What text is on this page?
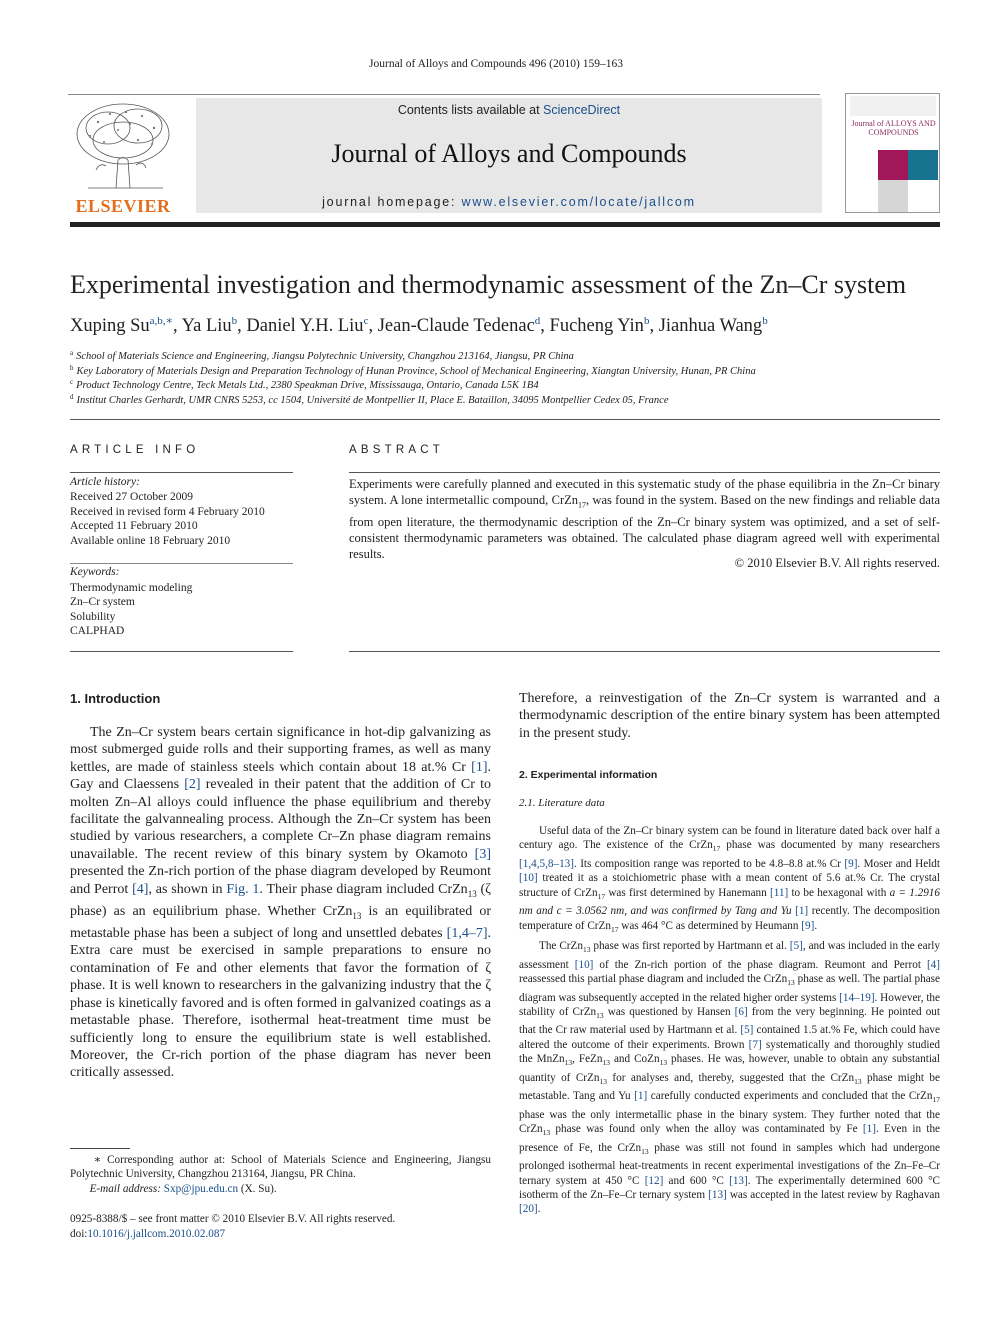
Journal of Alloys and Compounds 496 (2010) 159–163
ELSEVIER
Contents lists available at ScienceDirect
Journal of Alloys and Compounds
journal homepage: www.elsevier.com/locate/jallcom
Journal of ALLOYS AND COMPOUNDS
Experimental investigation and thermodynamic assessment of the Zn–Cr system
Xuping $Su^{a,b,∗}$, Ya Liu$^b$, Daniel Y.H. Liu$^c$, Jean-Claude Tedenac$^d$, Fucheng Yin$^b$, Jianhua Wang$^b$
$^a$ School of Materials Science and Engineering, Jiangsu Polytechnic University, Changzhou 213164, Jiangsu, PR China
$^b$ Key Laboratory of Materials Design and Preparation Technology of Hunan Province, School of Mechanical Engineering, Xiangtan University, Hunan, PR China
$^c$ Product Technology Centre, Teck Metals Ltd., 2380 Speakman Drive, Mississauga, Ontario, Canada L5K 1B4
$^d$ Institut Charles Gerhardt, UMR CNRS 5253, cc 1504, Université de Montpellier II, Place E. Bataillon, 34095 Montpellier Cedex 05, France
ARTICLE INFO
Article history:
Received 27 October 2009
Received in revised form 4 February 2010
Accepted 11 February 2010
Available online 18 February 2010
Keywords:
Thermodynamic modeling
Zn–Cr system
Solubility
CALPHAD
ABSTRACT
Experiments were carefully planned and executed in this systematic study of the phase equilibria in the Zn–Cr binary system. A lone intermetallic compound, CrZn$_{17}$, was found in the system. Based on the new findings and reliable data from open literature, the thermodynamic description of the Zn–Cr binary system was optimized, and a set of self-consistent thermodynamic parameters was obtained. The calculated phase diagram agreed well with experimental results.
© 2010 Elsevier B.V. All rights reserved.
1. Introduction
The Zn–Cr system bears certain significance in hot-dip galvanizing as most submerged guide rolls and their supporting frames, as well as many kettles, are made of stainless steels which contain about 18 at.% Cr [1]. Gay and Claessens [2] revealed in their patent that the addition of Cr to molten Zn–Al alloys could influence the phase equilibrium and thereby facilitate the galvannealing process. Although the Zn–Cr system has been studied by various researchers, a complete Cr–Zn phase diagram remains unavailable. The recent review of this binary system by Okamoto [3] presented the Zn-rich portion of the phase diagram developed by Reumont and Perrot [4], as shown in Fig. 1. Their phase diagram included CrZn$_{13}$ (ζ phase) as an equilibrium phase. Whether CrZn$_{13}$ is an equilibrated or metastable phase has been a subject of long and unsettled debates [1,4–7]. Extra care must be exercised in sample preparations to ensure no contamination of Fe and other elements that favor the formation of ζ phase. It is well known to researchers in the galvanizing industry that the ζ phase is kinetically favored and is often formed in galvanized coatings as a metastable phase. Therefore, isothermal heat-treatment time must be sufficiently long to ensure the equilibrium state is well established. Moreover, the Cr-rich portion of the phase diagram has never been critically assessed.
Therefore, a reinvestigation of the Zn–Cr system is warranted and a thermodynamic description of the entire binary system has been attempted in the present study.
2. Experimental information
2.1. Literature data
Useful data of the Zn–Cr binary system can be found in literature dated back over half a century ago. The existence of the CrZn$_{17}$ phase was documented by many researchers [1,4,5,8–13]. Its composition range was reported to be 4.8–8.8 at.% Cr [9]. Moser and Heldt [10] treated it as a stoichiometric phase with a mean content of 5.6 at.% Cr. The crystal structure of CrZn$_{17}$ was first determined by Hanemann [11] to be hexagonal with a = 1.2916 nm and c = 3.0562 nm, and was confirmed by Tang and Yu [1] recently. The decomposition temperature of CrZn$_{17}$ was 464 °C as determined by Heumann [9].
The CrZn$_{13}$ phase was first reported by Hartmann et al. [5], and was included in the early assessment [10] of the Zn-rich portion of the phase diagram. Reumont and Perrot [4] reassessed this partial phase diagram and included the CrZn$_{13}$ phase as well. The partial phase diagram was subsequently accepted in the related higher order systems [14–19]. However, the stability of CrZn$_{13}$ was questioned by Hansen [6] from the very beginning. He pointed out that the Cr raw material used by Hartmann et al. [5] contained 1.5 at.% Fe, which could have altered the outcome of their experiments. Brown [7] systematically and thoroughly studied the MnZn$_{13}$, FeZn$_{13}$ and CoZn$_{13}$ phases. He was, however, unable to obtain any substantial quantity of CrZn$_{13}$ for analyses and, thereby, suggested that the CrZn$_{13}$ phase might be metastable. Tang and Yu [1] carefully conducted experiments and concluded that the CrZn$_{17}$ phase was the only intermetallic phase in the binary system. They further noted that the CrZn$_{13}$ phase was found only when the alloy was contaminated by Fe [1]. Even in the presence of Fe, the CrZn$_{13}$ phase was still not found in samples which had undergone prolonged isothermal heat-treatments in recent experimental investigations of the Zn–Fe–Cr ternary system at 450 °C [12] and 600 °C [13]. The experimentally determined 600 °C isotherm of the Zn–Fe–Cr ternary system [13] was accepted in the latest review by Raghavan [20].
∗ Corresponding author at: School of Materials Science and Engineering, Jiangsu Polytechnic University, Changzhou 213164, Jiangsu, PR China.
E-mail address: Sxp@jpu.edu.cn (X. Su).
0925-8388/$ – see front matter © 2010 Elsevier B.V. All rights reserved.
doi:10.1016/j.jallcom.2010.02.087
